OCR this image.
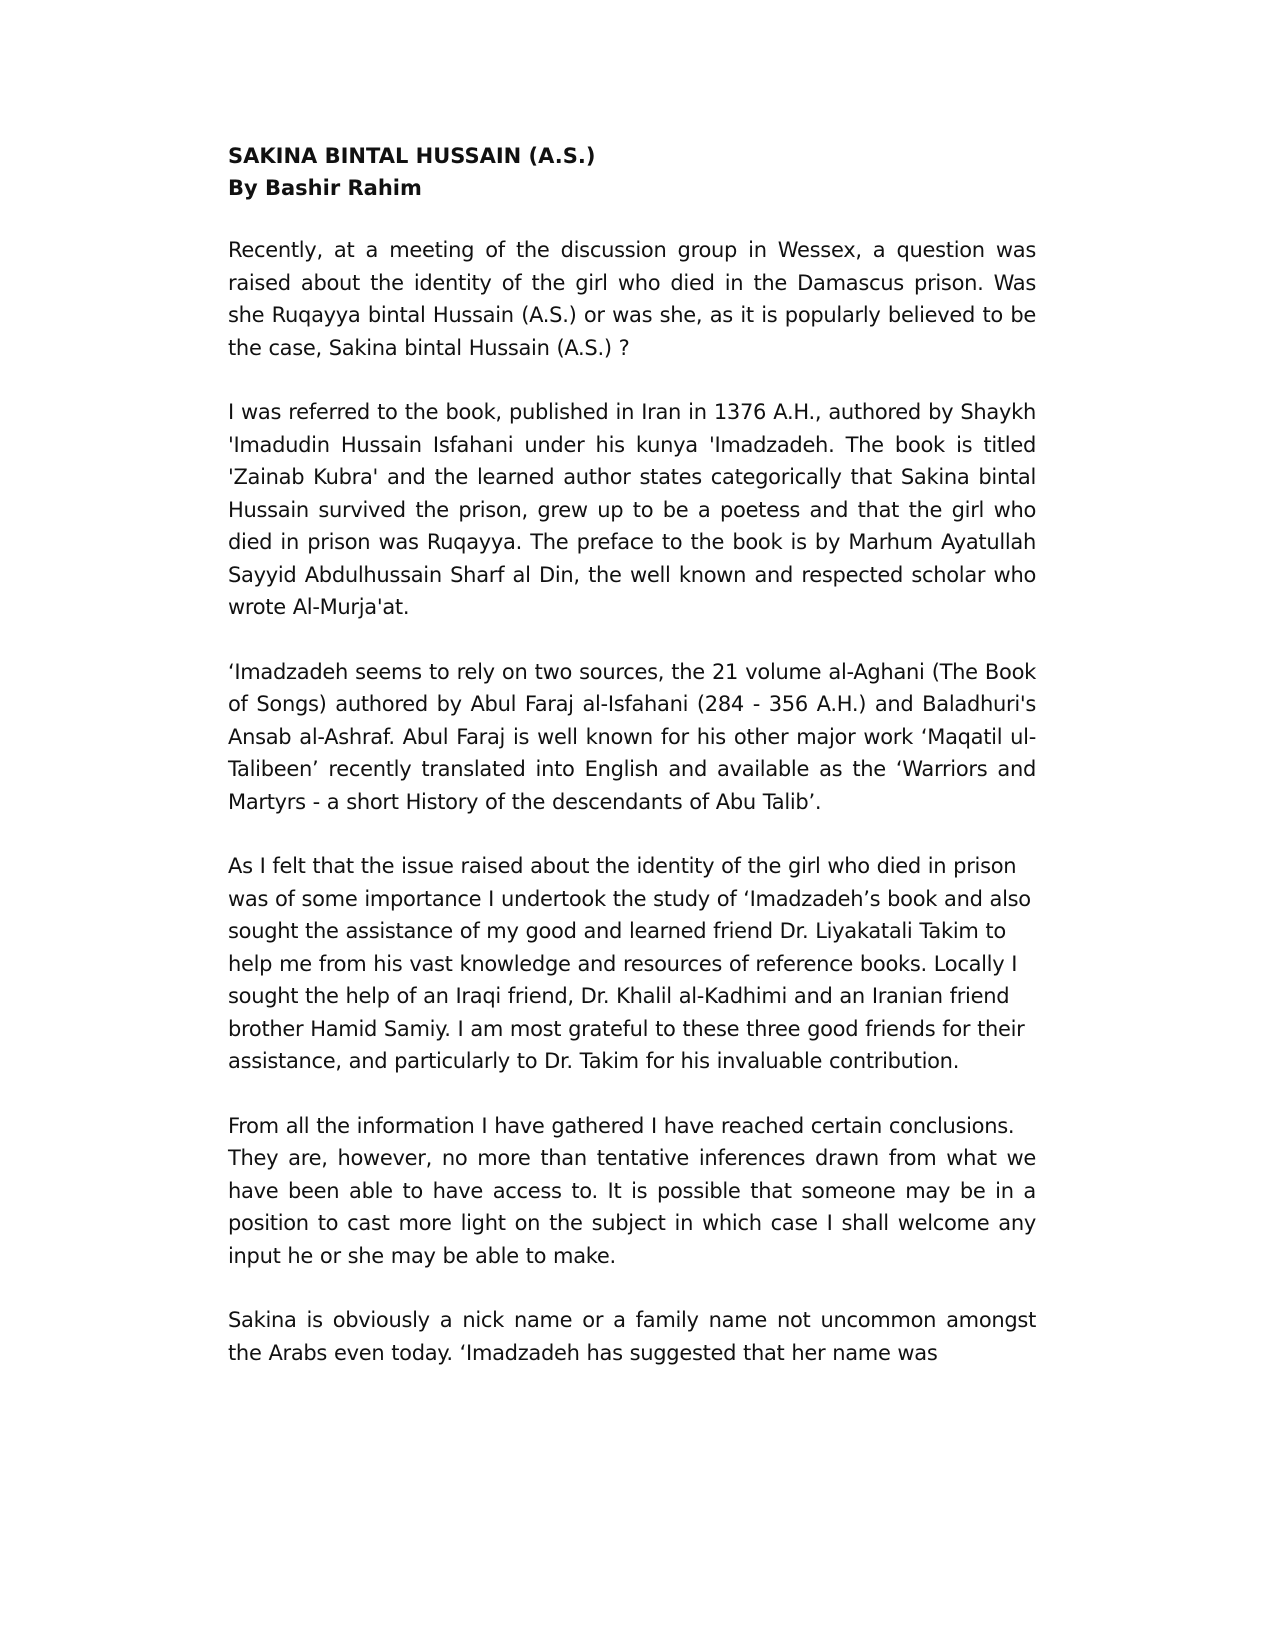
SAKINA BINTAL HUSSAIN (A.S.)
By Bashir Rahim

Recently, at a meeting of the discussion group in Wessex, a question was raised about the identity of the girl who died in the Damascus prison. Was she Ruqayya bintal Hussain (A.S.) or was she, as it is popularly believed to be the case, Sakina bintal Hussain (A.S.) ?

I was referred to the book, published in Iran in 1376 A.H., authored by Shaykh 'Imadudin Hussain Isfahani under his kunya 'Imadzadeh. The book is titled 'Zainab Kubra' and the learned author states categorically that Sakina bintal Hussain survived the prison, grew up to be a poetess and that the girl who died in prison was Ruqayya. The preface to the book is by Marhum Ayatullah Sayyid Abdulhussain Sharf al Din, the well known and respected scholar who wrote Al-Murja'at.

‘Imadzadeh seems to rely on two sources, the 21 volume al-Aghani (The Book of Songs) authored by Abul Faraj al-Isfahani (284 - 356 A.H.) and Baladhuri's Ansab al-Ashraf. Abul Faraj is well known for his other major work ‘Maqatil ul-Talibeen’ recently translated into English and available as the ‘Warriors and Martyrs - a short History of the descendants of Abu Talib’.

As I felt that the issue raised about the identity of the girl who died in prison was of some importance I undertook the study of ‘Imadzadeh’s book and also sought the assistance of my good and learned friend Dr. Liyakatali Takim to help me from his vast knowledge and resources of reference books. Locally I sought the help of an Iraqi friend, Dr. Khalil al-Kadhimi and an Iranian friend brother Hamid Samiy. I am most grateful to these three good friends for their assistance, and particularly to Dr. Takim for his invaluable contribution.

From all the information I have gathered I have reached certain conclusions.

They are, however, no more than tentative inferences drawn from what we have been able to have access to. It is possible that someone may be in a position to cast more light on the subject in which case I shall welcome any input he or she may be able to make.

Sakina is obviously a nick name or a family name not uncommon amongst the Arabs even today. ‘Imadzadeh has suggested that her name was
